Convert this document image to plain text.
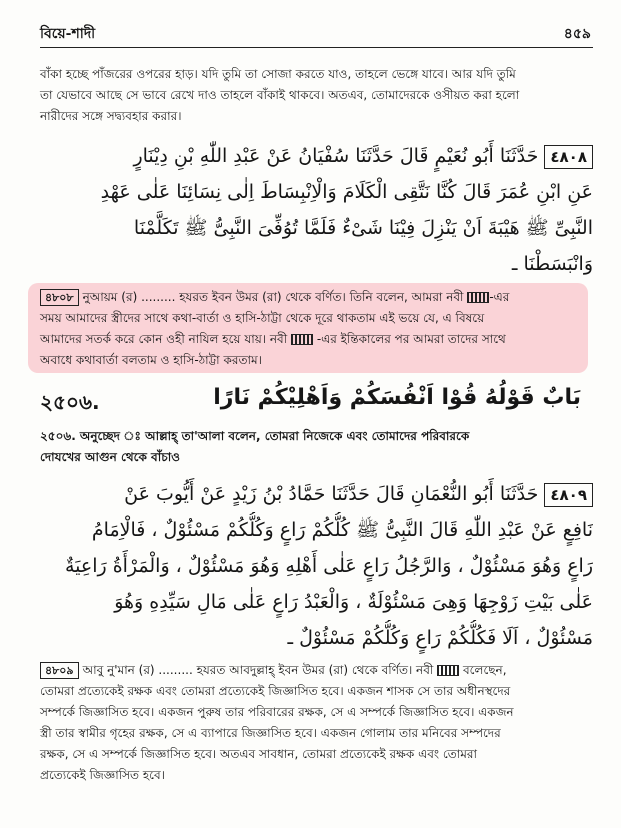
বিয়ে-শাদী	৪৫৯
বাঁকা হচ্ছে পাঁজরের ওপরের হাড়। যদি তুমি তা সোজা করতে যাও, তাহলে ভেঙ্গে যাবে। আর যদি তুমি
তা যেভাবে আছে সে ভাবে রেখে দাও তাহলে বাঁকাই থাকবে। অতএব, তোমাদেরকে ওসীয়ত করা হলো
নারীদের সঙ্গে সদ্ব্যবহার করার।
٤٨٠٨حَدَّثَنَا أَبُو نُعَيْمٍ قَالَ حَدَّثَنَا سُفْيَانُ عَنْ عَبْدِ اللّٰهِ بْنِ دِيْنَارٍ
عَنِ ابْنِ عُمَرَ قَالَ كُنَّا نَتَّقِى الْكَلَامَ وَالْاِنْبِسَاطَ اِلٰى نِسَائِنَا عَلٰى عَهْدِ
النَّبِىِّ ﷺ هَيْبَةَ اَنْ يَنْزِلَ فِيْنَا شَىْءٌ فَلَمَّا تُوُفِّىَ النَّبِىُّ ﷺ تَكَلَّمْنَا
وَانْبَسَطْنَا ـ
৪৮০৮ নুআয়ম (র) ......... হযরত ইবন উমর (রা) থেকে বর্ণিত। তিনি বলেন, আমরা নবী -এর
সময় আমাদের স্ত্রীদের সাথে কথা-বার্তা ও হাসি-ঠাট্টা থেকে দূরে থাকতাম এই ভয়ে যে, এ বিষয়ে
আমাদের সতর্ক করে কোন ওহী নাযিল হয়ে যায়। নবী -এর ইন্তিকালের পর আমরা তাদের সাথে
অবাধে কথাবার্তা বলতাম ও হাসি-ঠাট্টা করতাম।
২৫০৬.	بَابٌ قَوْلُهُ قُوْا اَنْفُسَكُمْ وَاَهْلِيْكُمْ نَارًا
২৫০৬. অনুচ্ছেদ ঃ আল্লাহ্ তা'আলা বলেন, তোমরা নিজেকে এবং তোমাদের পরিবারকে
দোযখের আগুন থেকে বাঁচাও
٤٨٠٩حَدَّثَنَا أَبُو النُّعْمَانِ قَالَ حَدَّثَنَا حَمَّادُ بْنُ زَيْدٍ عَنْ أَيُّوبَ عَنْ
نَافِعٍ عَنْ عَبْدِ اللّٰهِ قَالَ النَّبِىُّ ﷺ كُلُّكُمْ رَاعٍ وَكُلُّكُمْ مَسْئُوْلٌ ، فَالْاِمَامُ
رَاعٍ وَهُوَ مَسْئُوْلٌ ، وَالرَّجُلُ رَاعٍ عَلٰى أَهْلِهِ وَهُوَ مَسْئُوْلٌ ، وَالْمَرْأَةُ رَاعِيَةٌ
عَلٰى بَيْتِ زَوْجِهَا وَهِىَ مَسْئُوْلَةٌ ، وَالْعَبْدُ رَاعٍ عَلٰى مَالِ سَيِّدِهِ وَهُوَ
مَسْئُوْلٌ ، اَلَا فَكُلُّكُمْ رَاعٍ وَكُلُّكُمْ مَسْئُوْلٌ ـ
৪৮০৯ আবু নু'মান (র) ......... হযরত আবদুল্লাহ্ ইবন উমর (রা) থেকে বর্ণিত। নবী বলেছেন,
তোমরা প্রত্যেকেই রক্ষক এবং তোমরা প্রত্যেকেই জিজ্ঞাসিত হবে। একজন শাসক সে তার অধীনস্থদের
সম্পর্কে জিজ্ঞাসিত হবে। একজন পুরুষ তার পরিবারের রক্ষক, সে এ সম্পর্কে জিজ্ঞাসিত হবে। একজন
স্ত্রী তার স্বামীর গৃহের রক্ষক, সে এ ব্যাপারে জিজ্ঞাসিত হবে। একজন গোলাম তার মনিবের সম্পদের
রক্ষক, সে এ সম্পর্কে জিজ্ঞাসিত হবে। অতএব সাবধান, তোমরা প্রত্যেকেই রক্ষক এবং তোমরা
প্রত্যেকেই জিজ্ঞাসিত হবে।
